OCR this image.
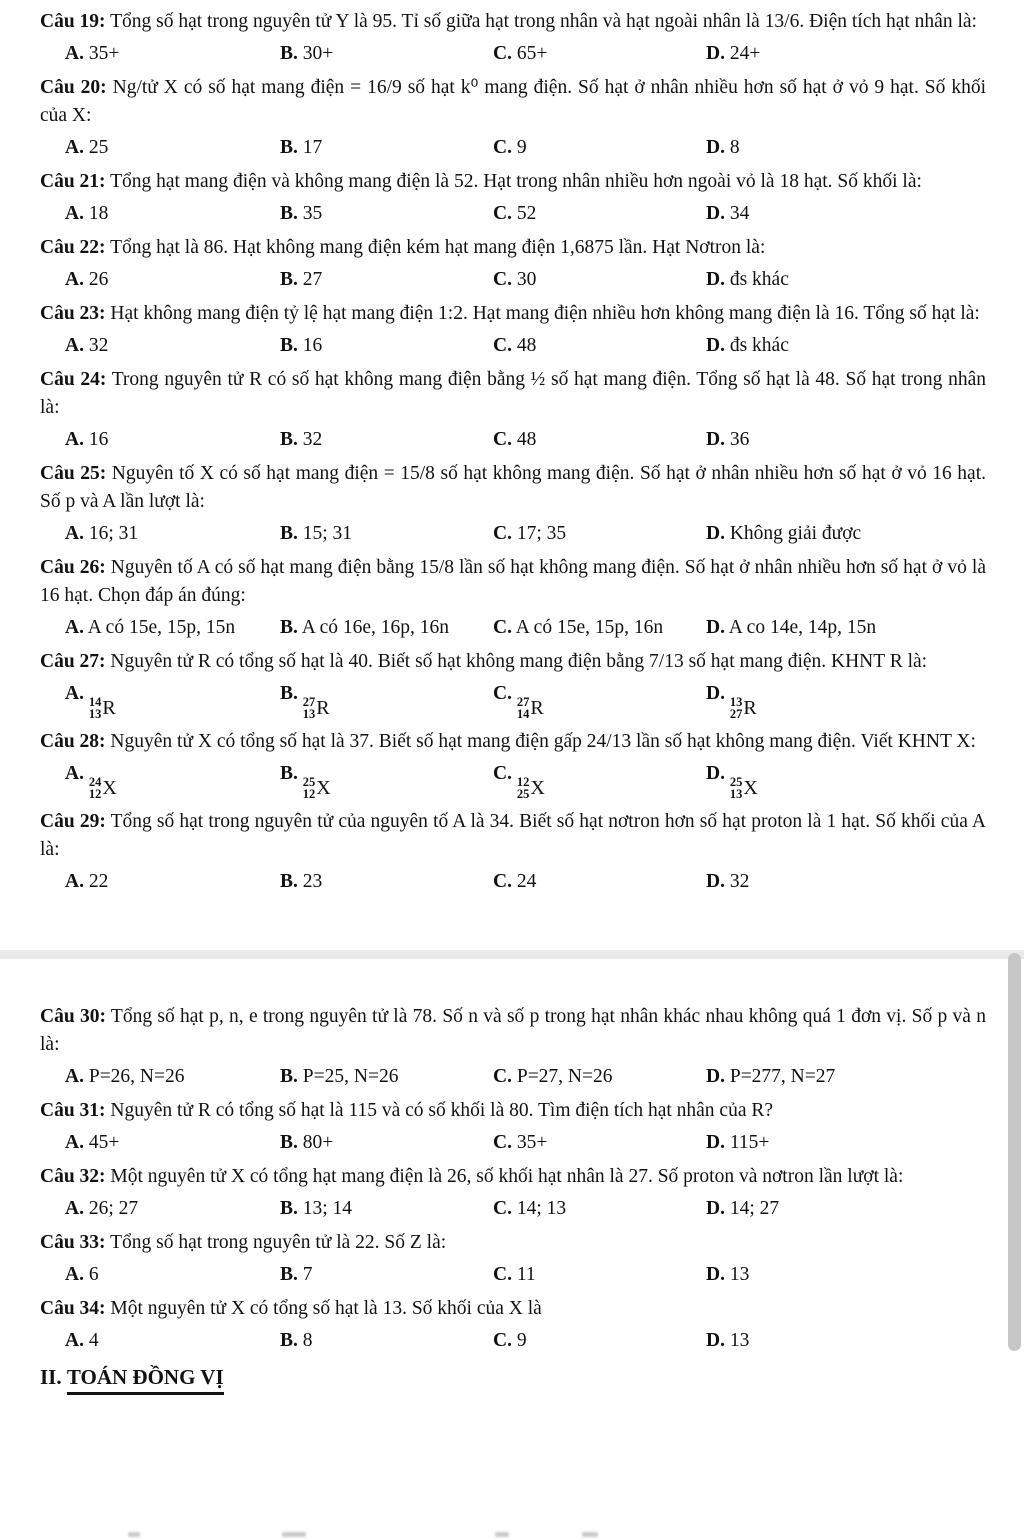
Câu 19: Tổng số hạt trong nguyên tử Y là 95. Tỉ số giữa hạt trong nhân và hạt ngoài nhân là 13/6. Điện tích hạt nhân là:

A. 35+	B. 30+	C. 65+	D. 24+

Câu 20: Ng/tử X có số hạt mang điện = 16/9 số hạt k⁰ mang điện. Số hạt ở nhân nhiều hơn số hạt ở vỏ 9 hạt. Số khối của X:

A. 25	B. 17	C. 9	D. 8

Câu 21: Tổng hạt mang điện và không mang điện là 52. Hạt trong nhân nhiều hơn ngoài vỏ là 18 hạt. Số khối là:

A. 18	B. 35	C. 52	D. 34

Câu 22: Tổng hạt là 86. Hạt không mang điện kém hạt mang điện 1,6875 lần. Hạt Nơtron là:

A. 26	B. 27	C. 30	D. đs khác

Câu 23: Hạt không mang điện tỷ lệ hạt mang điện 1:2. Hạt mang điện nhiều hơn không mang điện là 16. Tổng số hạt là:

A. 32	B. 16	C. 48	D. đs khác

Câu 24: Trong nguyên tử R có số hạt không mang điện bằng ½ số hạt mang điện. Tổng số hạt là 48. Số hạt trong nhân là:

A. 16	B. 32	C. 48	D. 36

Câu 25: Nguyên tố X có số hạt mang điện = 15/8 số hạt không mang điện. Số hạt ở nhân nhiều hơn số hạt ở vỏ 16 hạt. Số p và A lần lượt là:

A. 16; 31	B. 15; 31	C. 17; 35	D. Không giải được

Câu 26: Nguyên tố A có số hạt mang điện bằng 15/8 lần số hạt không mang điện. Số hạt ở nhân nhiều hơn số hạt ở vỏ là 16 hạt. Chọn đáp án đúng:

A. A có 15e, 15p, 15n	B. A có 16e, 16p, 16n	C. A có 15e, 15p, 16n	D. A co 14e, 14p, 15n

Câu 27: Nguyên tử R có tổng số hạt là 40. Biết số hạt không mang điện bằng 7/13 số hạt mang điện. KHNT R là:

A. 14
13 R
B. 27
13 R
C. 27
14 R
D. 13
27 R

Câu 28: Nguyên tử X có tổng số hạt là 37. Biết số hạt mang điện gấp 24/13 lần số hạt không mang điện. Viết KHNT X:

A. 24
12 X
B. 25
12 X
C. 12
25 X
D. 25
13 X

Câu 29: Tổng số hạt trong nguyên tử của nguyên tố A là 34. Biết số hạt nơtron hơn số hạt proton là 1 hạt. Số khối của A là:

A. 22	B. 23	C. 24	D. 32

Câu 30: Tổng số hạt p, n, e trong nguyên tử là 78. Số n và số p trong hạt nhân khác nhau không quá 1 đơn vị. Số p và n là:

A. P=26, N=26	B. P=25, N=26	C. P=27, N=26	D. P=277, N=27

Câu 31: Nguyên tử R có tổng số hạt là 115 và có số khối là 80. Tìm điện tích hạt nhân của R?

A. 45+	B. 80+	C. 35+	D. 115+

Câu 32: Một nguyên tử X có tổng hạt mang điện là 26, số khối hạt nhân là 27. Số proton và nơtron lần lượt là:

A. 26; 27	B. 13; 14	C. 14; 13	D. 14; 27

Câu 33: Tổng số hạt trong nguyên tử là 22. Số Z là:

A. 6	B. 7	C. 11	D. 13

Câu 34: Một nguyên tử X có tổng số hạt là 13. Số khối của X là

A. 4	B. 8	C. 9	D. 13
II. TOÁN ĐỒNG VỊ
